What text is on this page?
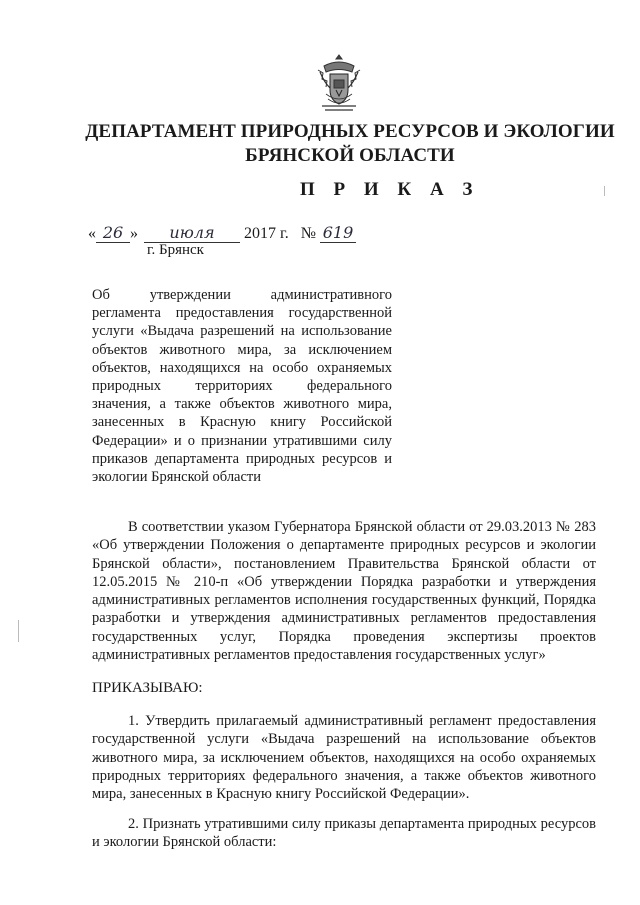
ДЕПАРТАМЕНТ ПРИРОДНЫХ РЕСУРСОВ И ЭКОЛОГИИ
БРЯНСКОЙ ОБЛАСТИ
П Р И К А З
« 26 » июля 2017 г. № 619
г. Брянск
Об утверждении административного регламента предоставления государственной услуги «Выдача разрешений на использование объектов животного мира, за исключением объектов, находящихся на особо охраняемых природных территориях федерального значения, а также объектов животного мира, занесенных в Красную книгу Российской Федерации» и о признании утратившими силу приказов департамента природных ресурсов и экологии Брянской области
В соответствии указом Губернатора Брянской области от 29.03.2013 № 283 «Об утверждении Положения о департаменте природных ресурсов и экологии Брянской области», постановлением Правительства Брянской области от 12.05.2015 № 210-п «Об утверждении Порядка разработки и утверждения административных регламентов исполнения государственных функций, Порядка разработки и утверждения административных регламентов предоставления государственных услуг, Порядка проведения экспертизы проектов административных регламентов предоставления государственных услуг»
ПРИКАЗЫВАЮ:
1. Утвердить прилагаемый административный регламент предоставления государственной услуги «Выдача разрешений на использование объектов животного мира, за исключением объектов, находящихся на особо охраняемых природных территориях федерального значения, а также объектов животного мира, занесенных в Красную книгу Российской Федерации».
2. Признать утратившими силу приказы департамента природных ресурсов и экологии Брянской области:
